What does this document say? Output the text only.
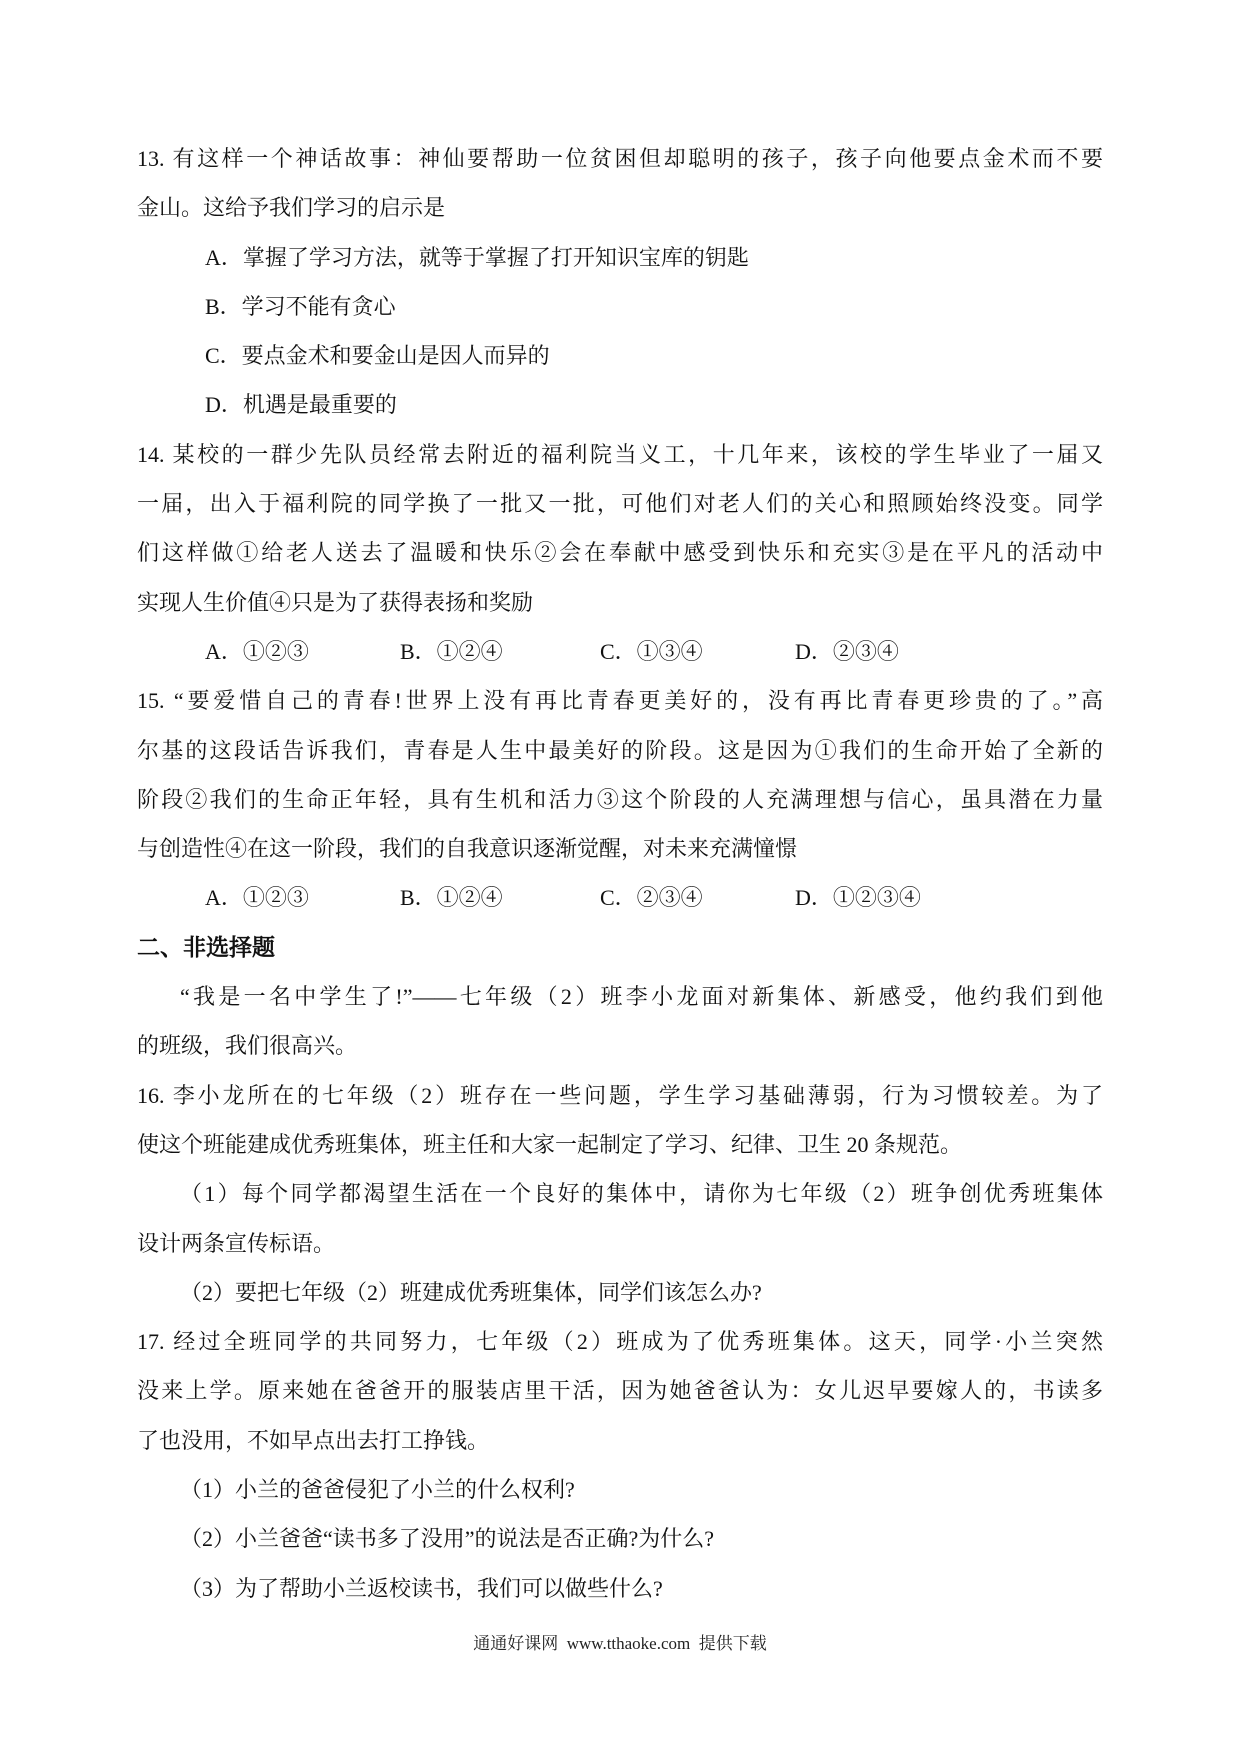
13. 有这样一个神话故事：神仙要帮助一位贫困但却聪明的孩子，孩子向他要点金术而不要
金山。这给予我们学习的启示是
A．掌握了学习方法，就等于掌握了打开知识宝库的钥匙
B．学习不能有贪心
C．要点金术和要金山是因人而异的
D．机遇是最重要的
14. 某校的一群少先队员经常去附近的福利院当义工，十几年来，该校的学生毕业了一届又
一届，出入于福利院的同学换了一批又一批，可他们对老人们的关心和照顾始终没变。同学
们这样做①给老人送去了温暖和快乐②会在奉献中感受到快乐和充实③是在平凡的活动中
实现人生价值④只是为了获得表扬和奖励
A．①②③	B．①②④	C．①③④	D．②③④
15. “要爱惜自己的青春!世界上没有再比青春更美好的，没有再比青春更珍贵的了。”高
尔基的这段话告诉我们，青春是人生中最美好的阶段。这是因为①我们的生命开始了全新的
阶段②我们的生命正年轻，具有生机和活力③这个阶段的人充满理想与信心，虽具潜在力量
与创造性④在这一阶段，我们的自我意识逐渐觉醒，对未来充满憧憬
A．①②③	B．①②④	C．②③④	D．①②③④
二、非选择题
“我是一名中学生了!”——七年级（2）班李小龙面对新集体、新感受，他约我们到他
的班级，我们很高兴。
16. 李小龙所在的七年级（2）班存在一些问题，学生学习基础薄弱，行为习惯较差。为了
使这个班能建成优秀班集体，班主任和大家一起制定了学习、纪律、卫生 20 条规范。
（1）每个同学都渴望生活在一个良好的集体中，请你为七年级（2）班争创优秀班集体
设计两条宣传标语。
（2）要把七年级（2）班建成优秀班集体，同学们该怎么办?
17. 经过全班同学的共同努力，七年级（2）班成为了优秀班集体。这天，同学·小兰突然
没来上学。原来她在爸爸开的服装店里干活，因为她爸爸认为：女儿迟早要嫁人的，书读多
了也没用，不如早点出去打工挣钱。
（1）小兰的爸爸侵犯了小兰的什么权利?
（2）小兰爸爸“读书多了没用”的说法是否正确?为什么?
（3）为了帮助小兰返校读书，我们可以做些什么?
通通好课网  www.tthaoke.com  提供下载
